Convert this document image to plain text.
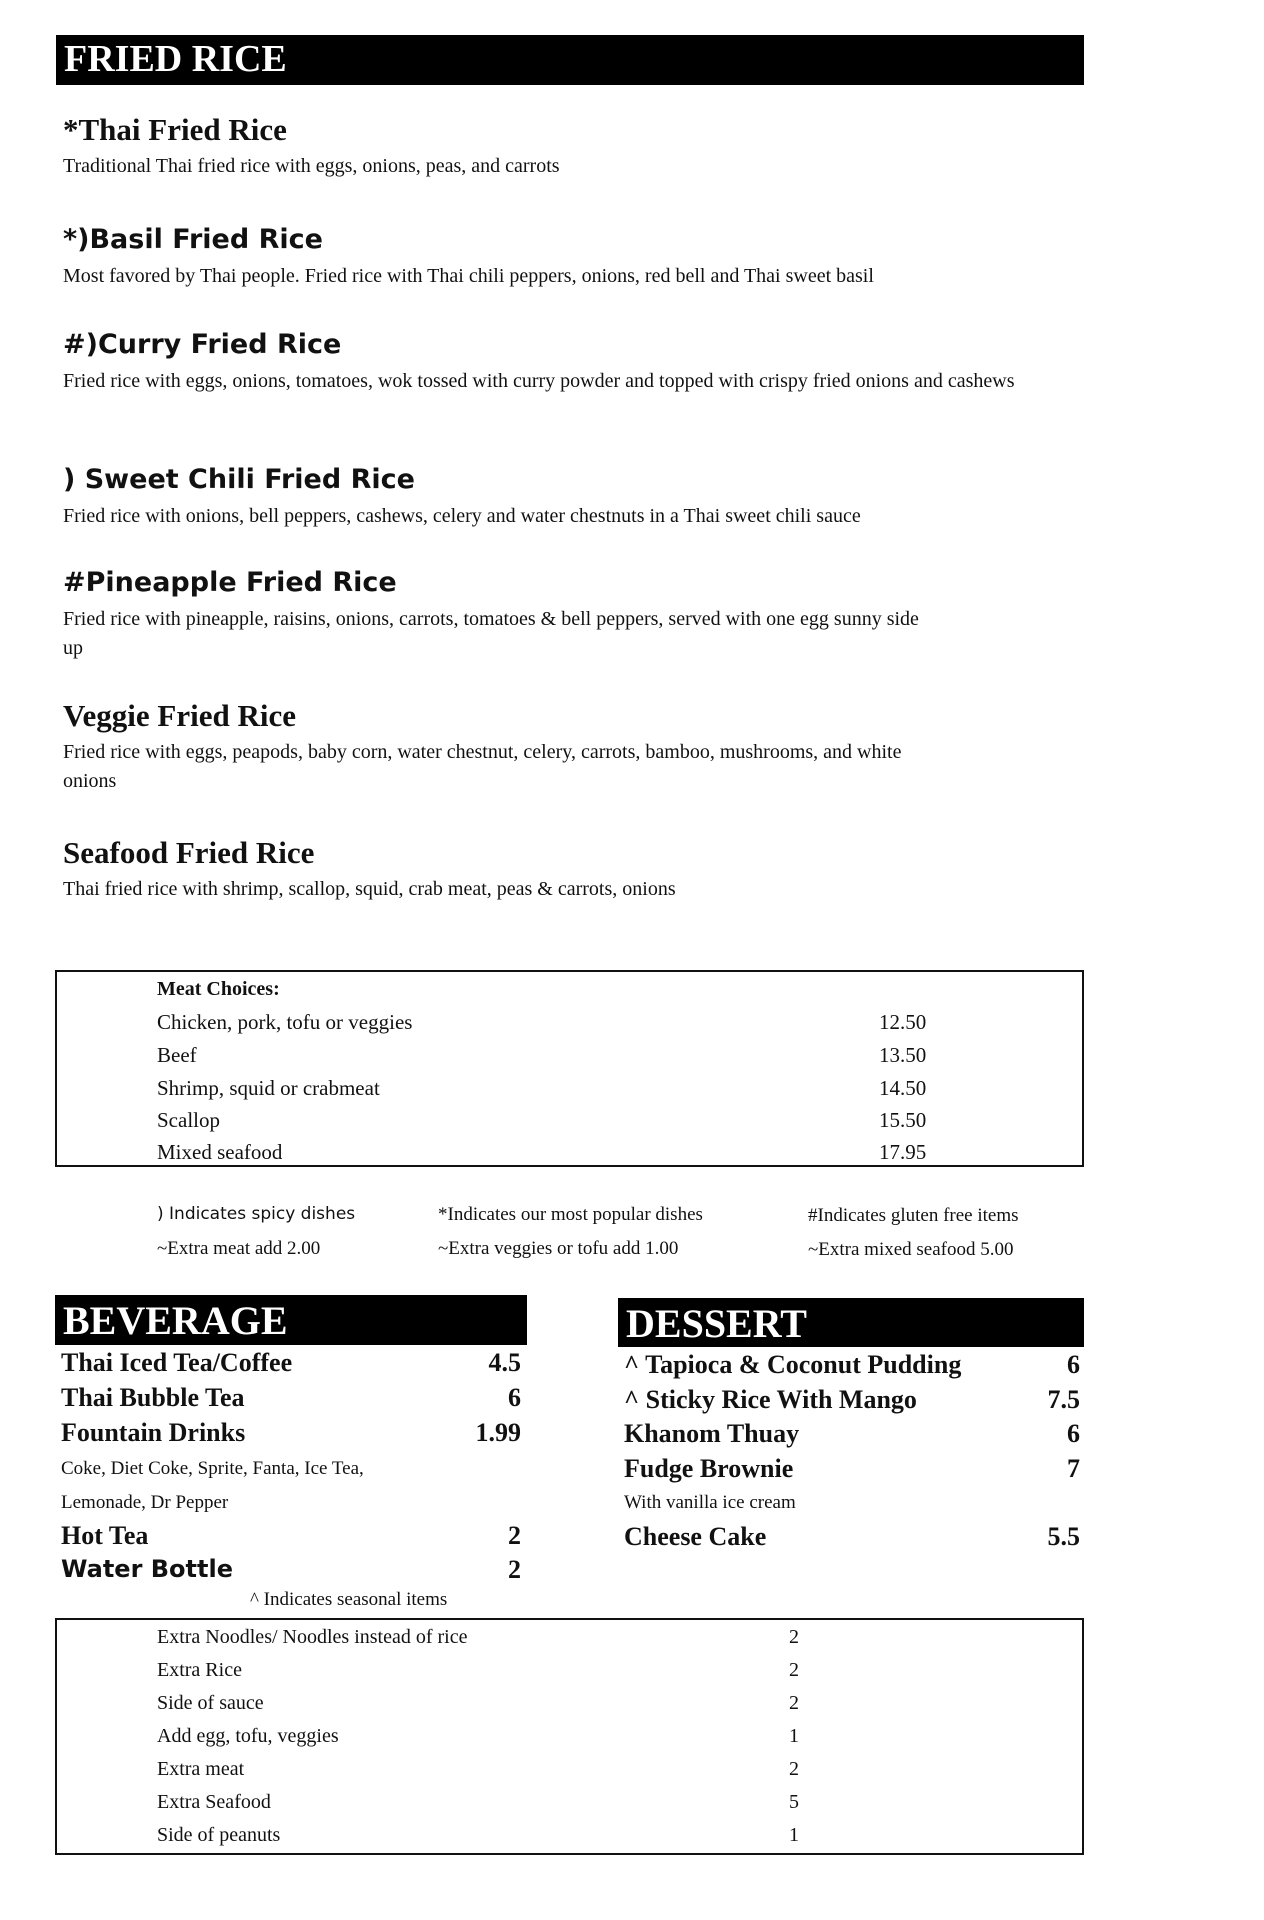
FRIED RICE
*Thai Fried Rice
Traditional Thai fried rice with eggs, onions, peas, and carrots
*)Basil Fried Rice
Most favored by Thai people. Fried rice with Thai chili peppers, onions, red bell and Thai sweet basil
#)Curry Fried Rice
Fried rice with eggs, onions, tomatoes, wok tossed with curry powder and topped with crispy fried onions and cashews
) Sweet Chili Fried Rice
Fried rice with onions, bell peppers, cashews, celery and water chestnuts in a Thai sweet chili sauce
#Pineapple Fried Rice
Fried rice with pineapple, raisins, onions, carrots, tomatoes & bell peppers, served with one egg sunny side up
Veggie Fried Rice
Fried rice with eggs, peapods, baby corn, water chestnut, celery, carrots, bamboo, mushrooms, and white onions
Seafood Fried Rice
Thai fried rice with shrimp, scallop, squid, crab meat, peas & carrots, onions
Meat Choices:
Chicken, pork, tofu or veggies	12.50
Beef	13.50
Shrimp, squid or crabmeat	14.50
Scallop	15.50
Mixed seafood	17.95
) Indicates spicy dishes	*Indicates our most popular dishes	#Indicates gluten free items
~Extra meat add 2.00	~Extra veggies or tofu add 1.00	~Extra mixed seafood 5.00
BEVERAGE
Thai Iced Tea/Coffee	4.5
Thai Bubble Tea	6
Fountain Drinks	1.99
Coke, Diet Coke, Sprite, Fanta, Ice Tea,
Lemonade, Dr Pepper
Hot Tea	2
Water Bottle	2
DESSERT
^ Tapioca & Coconut Pudding	6
^ Sticky Rice With Mango	7.5
Khanom Thuay	6
Fudge Brownie	7
With vanilla ice cream
Cheese Cake	5.5
^ Indicates seasonal items
Extra Noodles/ Noodles instead of rice	2
Extra Rice	2
Side of sauce	2
Add egg, tofu, veggies	1
Extra meat	2
Extra Seafood	5
Side of peanuts	1
